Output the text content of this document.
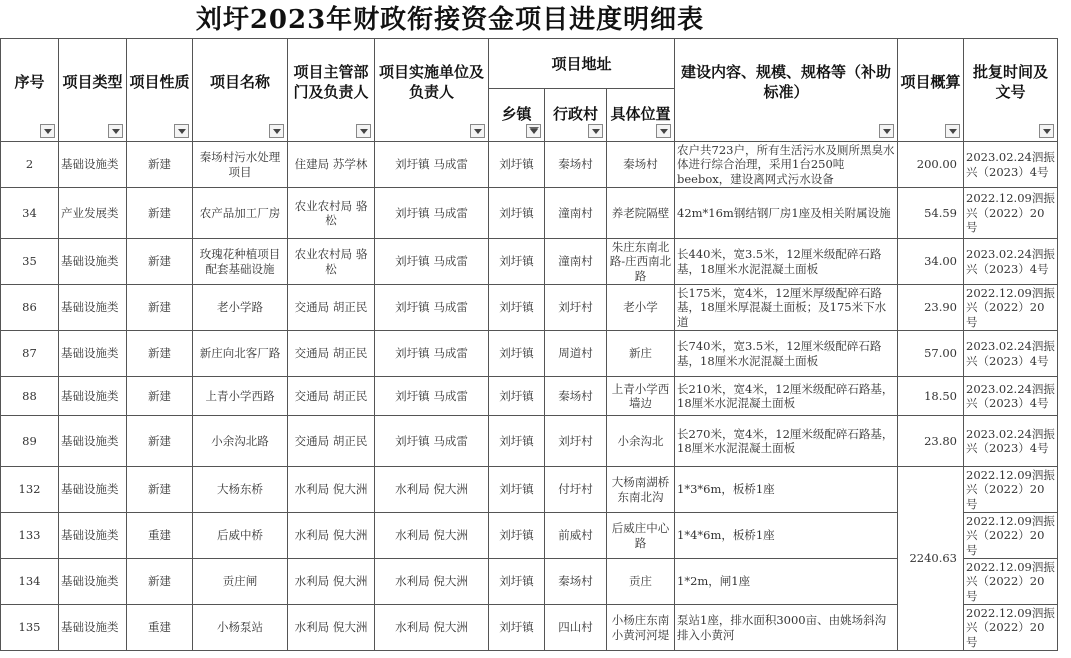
刘圩2023年财政衔接资金项目进度明细表
序号	项目类型	项目性质	项目名称	项目主管部门及负责人	项目实施单位及负责人	项目地址			建设内容、规模、规格等（补助标准）	项目概算	批复时间及文号

						乡镇	行政村	具体位置			

2	基础设施类	新建	秦场村污水处理项目	住建局 苏学林	刘圩镇 马成雷	刘圩镇	秦场村	秦场村	农户共723户，所有生活污水及厕所黑臭水体进行综合治理，采用1台250吨beebox，建设离网式污水设备	200.00	2023.02.24泗振兴（2023）4号
34	产业发展类	新建	农产品加工厂房	农业农村局 骆松	刘圩镇 马成雷	刘圩镇	潼南村	养老院隔壁	42m*16m钢结钢厂房1座及相关附属设施	54.59	2022.12.09泗振兴（2022）20号
35	基础设施类	新建	玫瑰花种植项目配套基础设施	农业农村局 骆松	刘圩镇 马成雷	刘圩镇	潼南村	朱庄东南北路-庄西南北路	长440米，宽3.5米，12厘米级配碎石路基，18厘米水泥混凝土面板	34.00	2023.02.24泗振兴（2023）4号
86	基础设施类	新建	老小学路	交通局 胡正民	刘圩镇 马成雷	刘圩镇	刘圩村	老小学	长175米，宽4米，12厘米厚级配碎石路基，18厘米厚混凝土面板；及175米下水道	23.90	2022.12.09泗振兴（2022）20号
87	基础设施类	新建	新庄向北客厂路	交通局 胡正民	刘圩镇 马成雷	刘圩镇	周道村	新庄	长740米，宽3.5米，12厘米级配碎石路基，18厘米水泥混凝土面板	57.00	2023.02.24泗振兴（2023）4号
88	基础设施类	新建	上青小学西路	交通局 胡正民	刘圩镇 马成雷	刘圩镇	秦场村	上青小学西墙边	长210米，宽4米，12厘米级配碎石路基，18厘米水泥混凝土面板	18.50	2023.02.24泗振兴（2023）4号
89	基础设施类	新建	小余沟北路	交通局 胡正民	刘圩镇 马成雷	刘圩镇	刘圩村	小余沟北	长270米，宽4米，12厘米级配碎石路基，18厘米水泥混凝土面板	23.80	2023.02.24泗振兴（2023）4号
132	基础设施类	新建	大杨东桥	水利局 倪大洲	水利局 倪大洲	刘圩镇	付圩村	大杨南湖桥东南北沟	1*3*6m，板桥1座	2240.63	2022.12.09泗振兴（2022）20号
133	基础设施类	重建	后威中桥	水利局 倪大洲	水利局 倪大洲	刘圩镇	前威村	后威庄中心路	1*4*6m，板桥1座		2022.12.09泗振兴（2022）20号
134	基础设施类	新建	贡庄闸	水利局 倪大洲	水利局 倪大洲	刘圩镇	秦场村	贡庄	1*2m，闸1座		2022.12.09泗振兴（2022）20号
135	基础设施类	重建	小杨泵站	水利局 倪大洲	水利局 倪大洲	刘圩镇	四山村	小杨庄东南小黄河河堤	泵站1座，排水面积3000亩、由姚场斜沟排入小黄河		2022.12.09泗振兴（2022）20号
